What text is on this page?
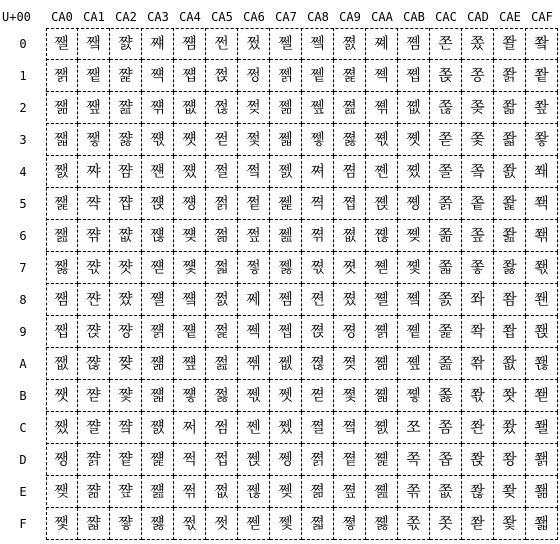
U+00	CA0 CA1 CA2 CA3 CA4 CA5 CA6 CA7 CA8 CA9 CAA CAB CAC CAD CAE CAF
0
1
2
3
4
5
6
7
8
9
A
B
C
D
E
F
쨀
쨁
쨂
쨃
쨄
쨅
쨆
쨇
쨈
쨉
쨊
쨋
쨌
쨍
쨎
쨏
쨐
쨑
쨒
쨓
쨔
쨕
쨖
쨗
쨘
쨙
쨚
쨛
쨜
쨝
쨞
쨟
쨠
쨡
쨢
쨣
쨤
쨥
쨦
쨧
쨨
쨩
쨪
쨫
쨬
쨭
쨮
쨯
쨰
쨱
쨲
쨳
쨴
쨵
쨶
쨷
쨸
쨹
쨺
쨻
쨼
쨽
쨾
쨿
쩀
쩁
쩂
쩃
쩄
쩅
쩆
쩇
쩈
쩉
쩊
쩋
쩌
쩍
쩎
쩏
쩐
쩑
쩒
쩓
쩔
쩕
쩖
쩗
쩘
쩙
쩚
쩛
쩜
쩝
쩞
쩟
쩠
쩡
쩢
쩣
쩤
쩥
쩦
쩧
쩨
쩩
쩪
쩫
쩬
쩭
쩮
쩯
쩰
쩱
쩲
쩳
쩴
쩵
쩶
쩷
쩸
쩹
쩺
쩻
쩼
쩽
쩾
쩿
쪀
쪁
쪂
쪃
쪄
쪅
쪆
쪇
쪈
쪉
쪊
쪋
쪌
쪍
쪎
쪏
쪐
쪑
쪒
쪓
쪔
쪕
쪖
쪗
쪘
쪙
쪚
쪛
쪜
쪝
쪞
쪟
쪠
쪡
쪢
쪣
쪤
쪥
쪦
쪧
쪨
쪩
쪪
쪫
쪬
쪭
쪮
쪯
쪰
쪱
쪲
쪳
쪴
쪵
쪶
쪷
쪸
쪹
쪺
쪻
쪼
쪽
쪾
쪿
쫀
쫁
쫂
쫃
쫄
쫅
쫆
쫇
쫈
쫉
쫊
쫋
쫌
쫍
쫎
쫏
쫐
쫑
쫒
쫓
쫔
쫕
쫖
쫗
쫘
쫙
쫚
쫛
쫜
쫝
쫞
쫟
쫠
쫡
쫢
쫣
쫤
쫥
쫦
쫧
쫨
쫩
쫪
쫫
쫬
쫭
쫮
쫯
쫰
쫱
쫲
쫳
쫴
쫵
쫶
쫷
쫸
쫹
쫺
쫻
쫼
쫽
쫾
쫿
